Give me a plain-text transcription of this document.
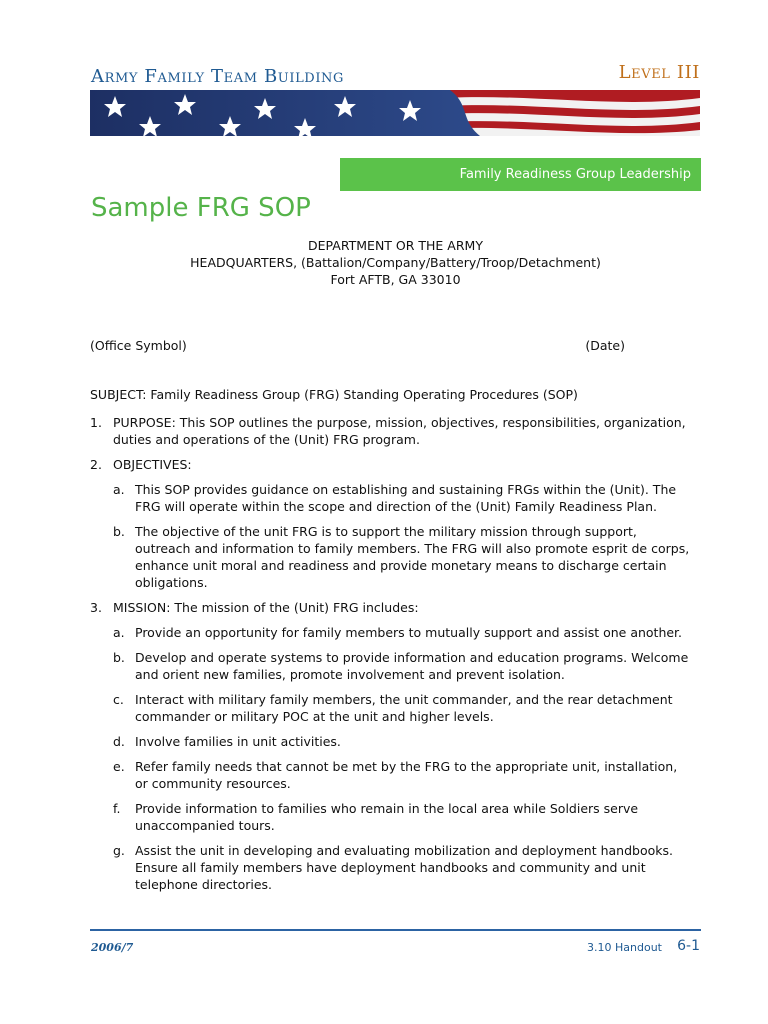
Army Family Team Building	Level III
Family Readiness Group Leadership
Sample FRG SOP
DEPARTMENT OR THE ARMY
HEADQUARTERS, (Battalion/Company/Battery/Troop/Detachment)
Fort AFTB, GA 33010
(Office Symbol)	(Date)
SUBJECT: Family Readiness Group (FRG) Standing Operating Procedures (SOP)
1. PURPOSE: This SOP outlines the purpose, mission, objectives, responsibilities, organization, duties and operations of the (Unit) FRG program.
2. OBJECTIVES:
a. This SOP provides guidance on establishing and sustaining FRGs within the (Unit). The FRG will operate within the scope and direction of the (Unit) Family Readiness Plan.
b. The objective of the unit FRG is to support the military mission through support, outreach and information to family members. The FRG will also promote esprit de corps, enhance unit moral and readiness and provide monetary means to discharge certain obligations.
3. MISSION: The mission of the (Unit) FRG includes:
a. Provide an opportunity for family members to mutually support and assist one another.
b. Develop and operate systems to provide information and education programs. Welcome and orient new families, promote involvement and prevent isolation.
c. Interact with military family members, the unit commander, and the rear detachment commander or military POC at the unit and higher levels.
d. Involve families in unit activities.
e. Refer family needs that cannot be met by the FRG to the appropriate unit, installation, or community resources.
f. Provide information to families who remain in the local area while Soldiers serve unaccompanied tours.
g. Assist the unit in developing and evaluating mobilization and deployment handbooks. Ensure all family members have deployment handbooks and community and unit telephone directories.
2006/7	3.10 Handout 6-1
